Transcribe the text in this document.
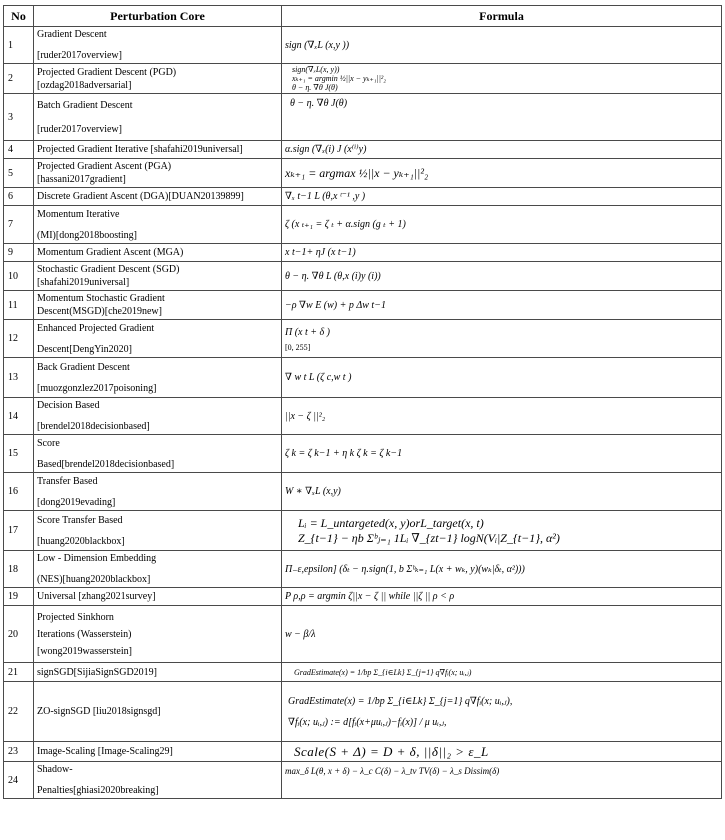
No	Perturbation Core	Formula
1	Gradient Descent
[ruder2017overview]	sign (∇ₓL (x,y ))

2	Projected Gradient Descent (PGD)
[ozdag2018adversarial]	sign(∇ₓL(x, y))
xₖ₊₁ = argmin ½||x − yₖ₊₁||²₂
θ − η. ∇θ J(θ)

3	Batch Gradient Descent
[ruder2017overview]	θ − η. ∇θ J(θ)

4	Projected Gradient Iterative [shafahi2019universal]	α.sign (∇ₓ(i) J (x⁽ⁱ⁾y)

5	Projected Gradient Ascent (PGA)
[hassani2017gradient]	xₖ₊₁ = argmax ½||x − yₖ₊₁||²₂

6	Discrete Gradient Ascent (DGA)[DUAN20139899]	∇ₓ t−1 L (θ,x ᵗ⁻¹ ,y )

7	Momentum Iterative
(MI)[dong2018boosting]	ζ (x ₜ₊₁ = ζ ₜ + α.sign (g ₜ + 1)

9	Momentum Gradient Ascent (MGA)	x t−1+ ηJ (x t−1)

10	Stochastic Gradient Descent (SGD)
[shafahi2019universal]	θ − η. ∇θ L (θ,x (i)y (i))

11	Momentum Stochastic Gradient
Descent(MSGD)[che2019new]	−ρ ∇w E (w) + p Δw t−1

12	Enhanced Projected Gradient
Descent[DengYin2020]	Π (x t + δ )
[0, 255]

13	Back Gradient Descent
[muozgonzlez2017poisoning]	∇ w t L (ζ c,w t )

14	Decision Based
[brendel2018decisionbased]	||x − ζ ||²₂

15	Score
Based[brendel2018decisionbased]	ζ k = ζ k−1 + η k ζ k = ζ k−1

16	Transfer Based
[dong2019evading]	W ∗ ∇ₓL (x,y)

17	Score Transfer Based
[huang2020blackbox]	Lᵢ = L_untargeted(x, y)orL_target(x, t)
Z_{t−1} − ηb Σᵇⱼ₌₁ 1Lᵢ ∇_{zt−1} logN(Vᵢ|Z_{t−1}, α²)

18	Low - Dimension Embedding
(NES)[huang2020blackbox]	Π₋ε,epsilon] (δₜ − η.sign(1, b Σᵇₖ₌₁ L(x + wₖ, y)(wₖ|δₜ, α²)))

19	Universal [zhang2021survey]	P ρ,ρ = argmin ζ||x − ζ || while ||ζ || ρ < ρ

20	Projected Sinkhorn
Iterations (Wasserstein)
[wong2019wasserstein]	w − β/λ

21	signSGD[SijiaSignSGD2019]	GradEstimate(x) = 1/bp Σ_{i∈Lk} Σ_{j=1} q∇fᵢ(x; uᵢ,ⱼ)

22	ZO-signSGD [liu2018signsgd]	GradEstimate(x) = 1/bp Σ_{i∈Lk} Σ_{j=1} q∇fᵢ(x; uᵢ,ⱼ),
∇fᵢ(x; uᵢ,ⱼ) := d[fᵢ(x+μuᵢ,ⱼ)−fᵢ(x)] / μ uᵢ,ⱼ,

23	Image-Scaling [Image-Scaling29]	Scale(S + Δ) = D + δ, ||δ||₂ > ε_L

24	Shadow-
Penalties[ghiasi2020breaking]	max_δ L(θ, x + δ) − λ_c C(δ) − λ_tv TV(δ) − λ_s Dissim(δ)
